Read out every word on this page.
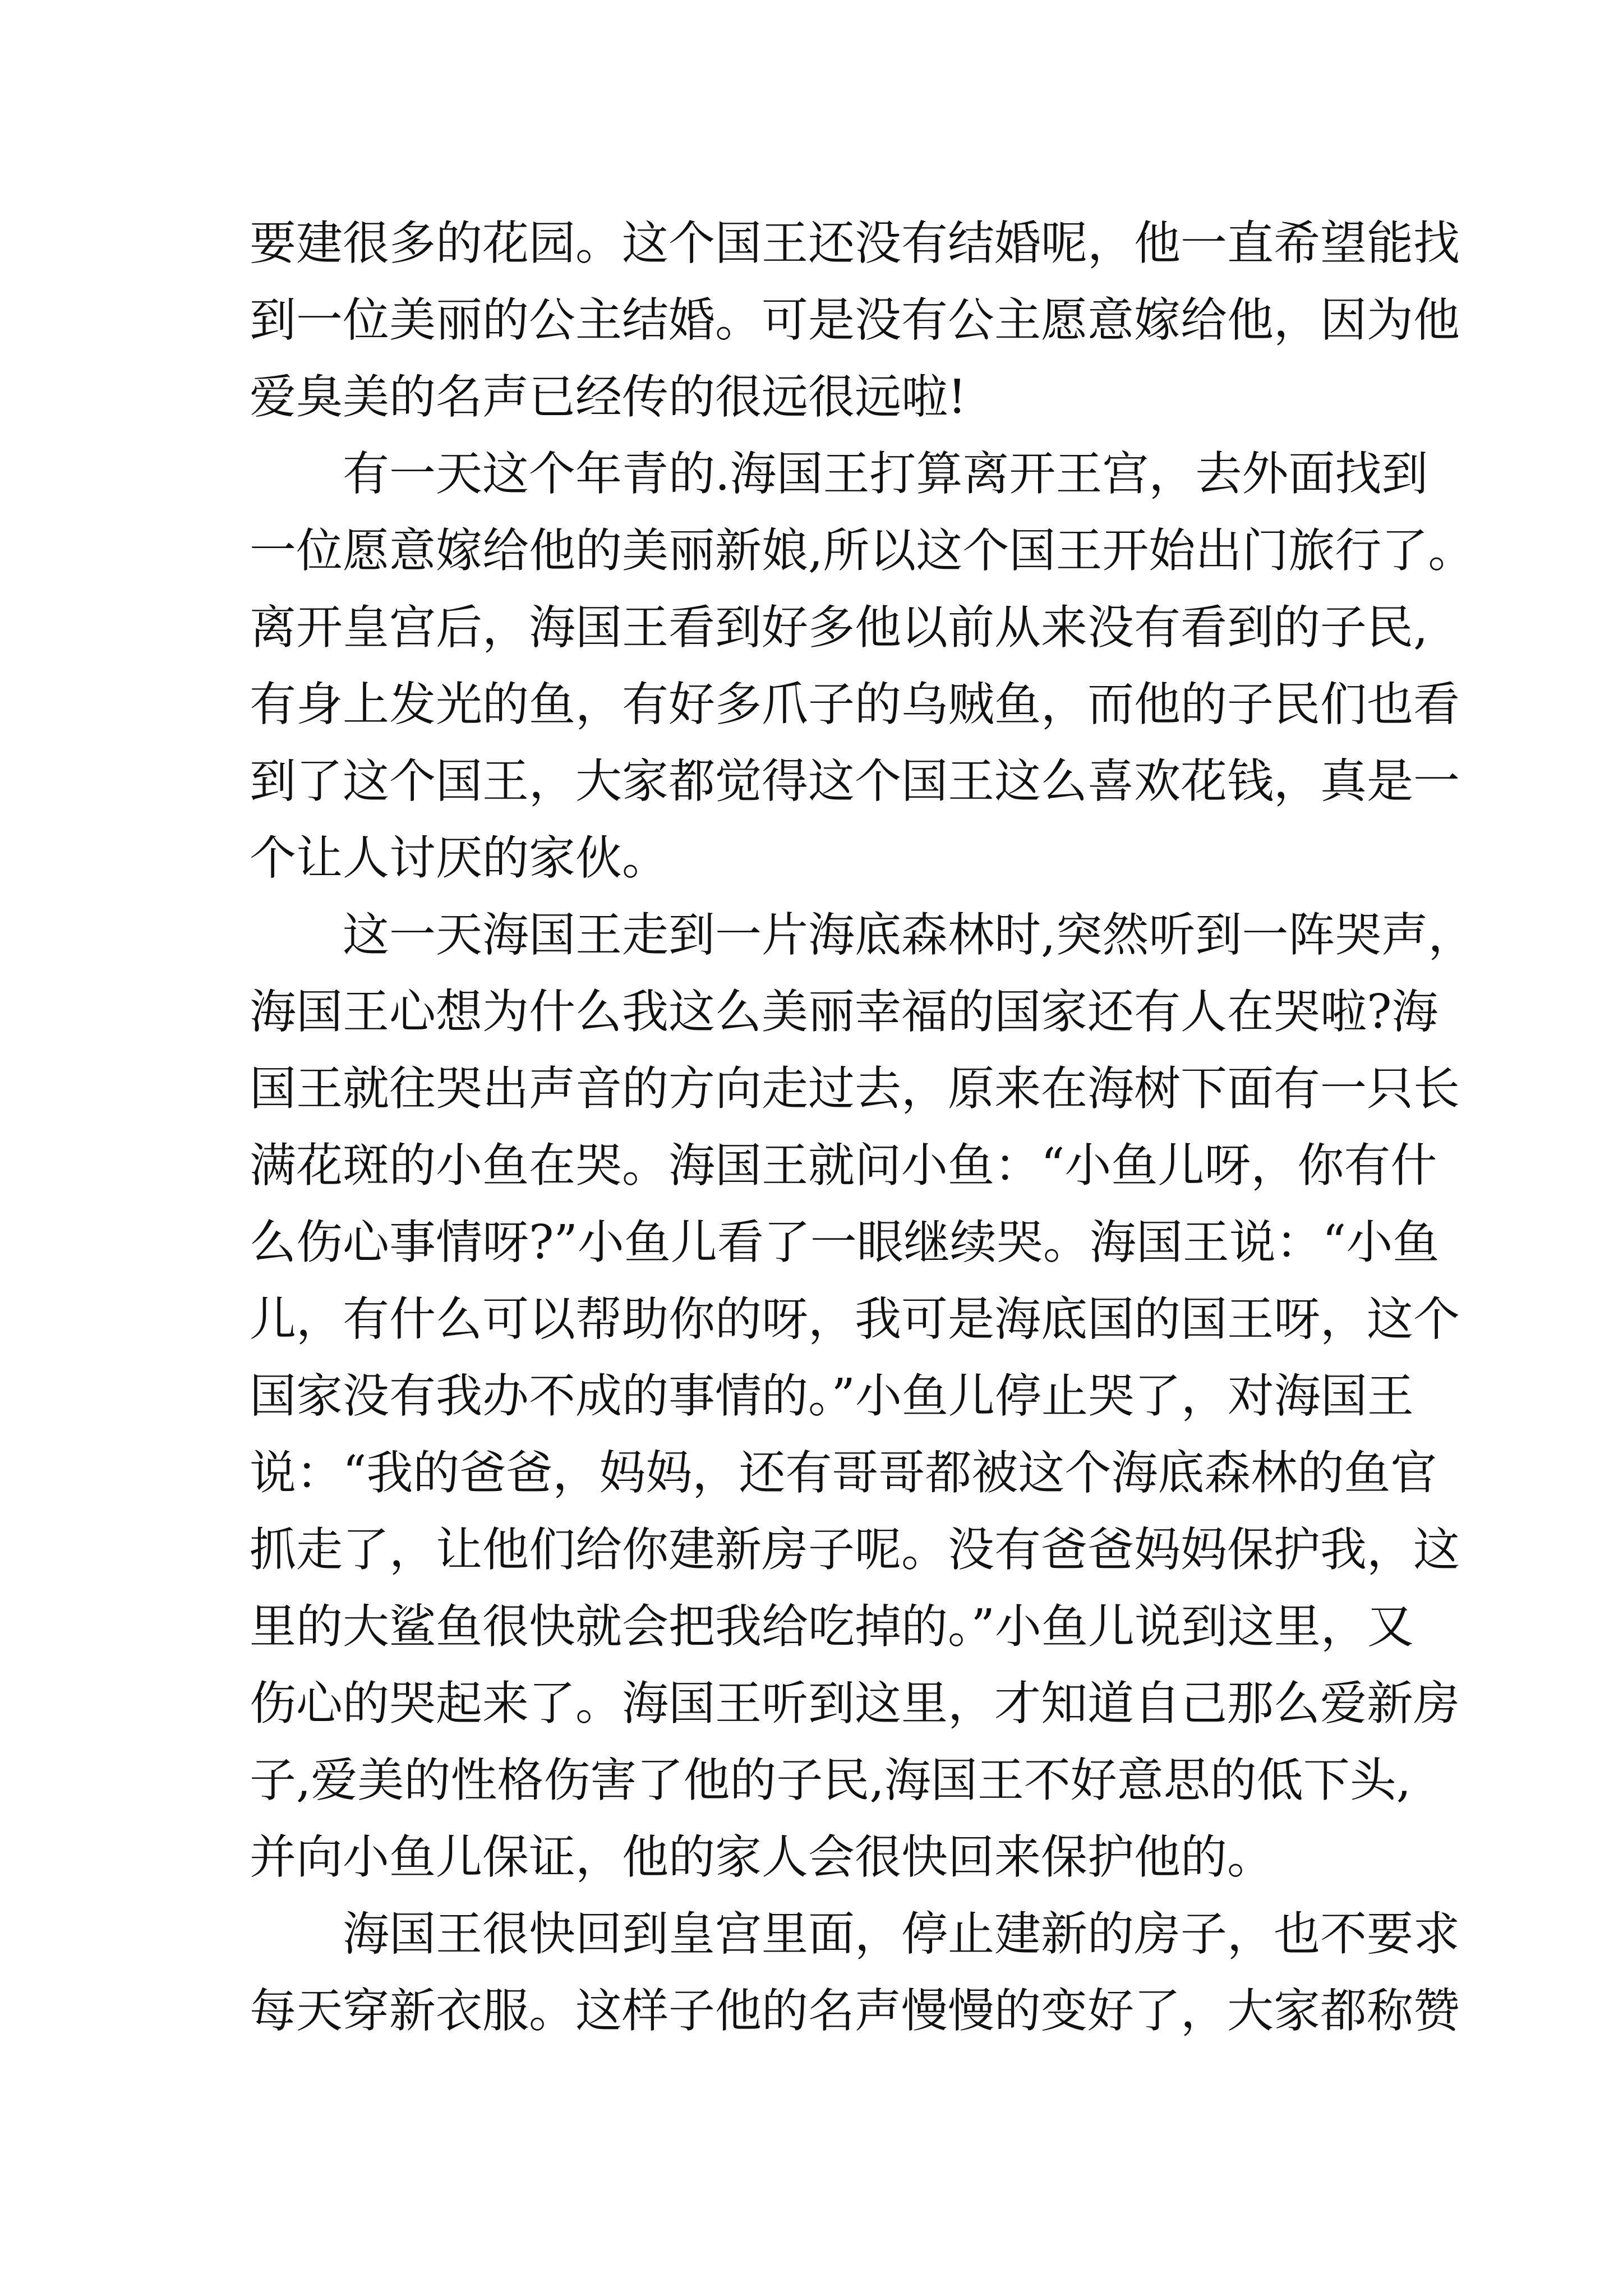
要建很多的花园。这个国王还没有结婚呢，他一直希望能找
到一位美丽的公主结婚。可是没有公主愿意嫁给他，因为他
爱臭美的名声已经传的很远很远啦!
有一天这个年青的.海国王打算离开王宫，去外面找到
一位愿意嫁给他的美丽新娘,所以这个国王开始出门旅行了。
离开皇宫后，海国王看到好多他以前从来没有看到的子民,
有身上发光的鱼，有好多爪子的乌贼鱼，而他的子民们也看
到了这个国王，大家都觉得这个国王这么喜欢花钱，真是一
个让人讨厌的家伙。
这一天海国王走到一片海底森林时,突然听到一阵哭声，
海国王心想为什么我这么美丽幸福的国家还有人在哭啦?海
国王就往哭出声音的方向走过去，原来在海树下面有一只长
满花斑的小鱼在哭。海国王就问小鱼：“小鱼儿呀，你有什
么伤心事情呀?”小鱼儿看了一眼继续哭。海国王说：“小鱼
儿，有什么可以帮助你的呀，我可是海底国的国王呀，这个
国家没有我办不成的事情的。”小鱼儿停止哭了，对海国王
说：“我的爸爸，妈妈，还有哥哥都被这个海底森林的鱼官
抓走了，让他们给你建新房子呢。没有爸爸妈妈保护我，这
里的大鲨鱼很快就会把我给吃掉的。”小鱼儿说到这里，又
伤心的哭起来了。海国王听到这里，才知道自己那么爱新房
子,爱美的性格伤害了他的子民,海国王不好意思的低下头,
并向小鱼儿保证，他的家人会很快回来保护他的。
海国王很快回到皇宫里面，停止建新的房子，也不要求
每天穿新衣服。这样子他的名声慢慢的变好了，大家都称赞
